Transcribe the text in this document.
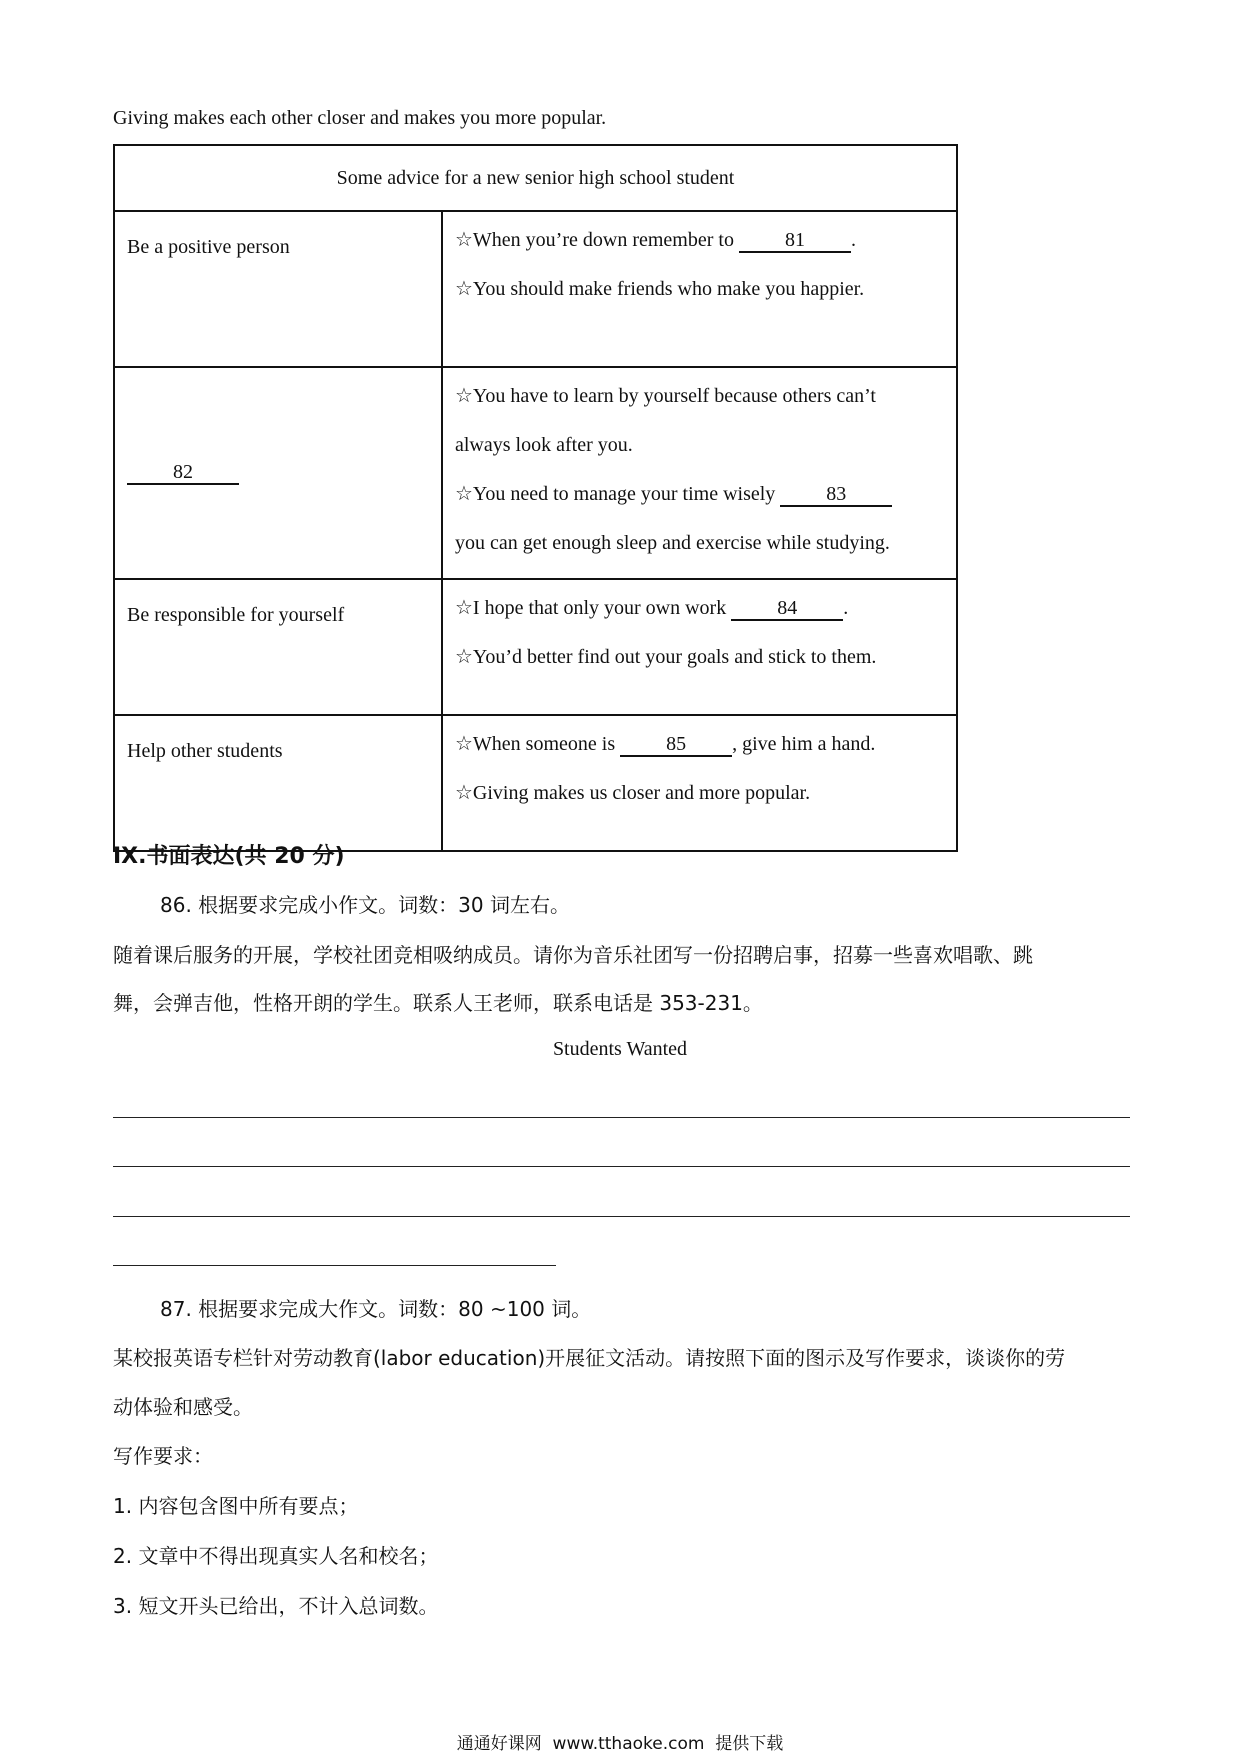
Giving makes each other closer and makes you more popular.
Some advice for a new senior high school student	
Be a positive person	☆When you’re down remember to 81 .
☆You should make friends who make you happier.

82	☆You have to learn by yourself because others can’t
always look after you.
☆You need to manage your time wisely 83
you can get enough sleep and exercise while studying.

Be responsible for yourself	☆I hope that only your own work 84 .
☆You’d better find out your goals and stick to them.

Help other students	☆When someone is 85 , give him a hand.
☆Giving makes us closer and more popular.
IX.书面表达(共 20 分)
86. 根据要求完成小作文。词数：30 词左右。
随着课后服务的开展，学校社团竞相吸纳成员。请你为音乐社团写一份招聘启事，招募一些喜欢唱歌、跳
舞，会弹吉他，性格开朗的学生。联系人王老师，联系电话是 353-231。
Students Wanted
87. 根据要求完成大作文。词数：80 ~100 词。
某校报英语专栏针对劳动教育(labor education)开展征文活动。请按照下面的图示及写作要求，谈谈你的劳
动体验和感受。
写作要求：
1. 内容包含图中所有要点；
2. 文章中不得出现真实人名和校名；
3. 短文开头已给出，不计入总词数。
通通好课网  www.tthaoke.com  提供下载
